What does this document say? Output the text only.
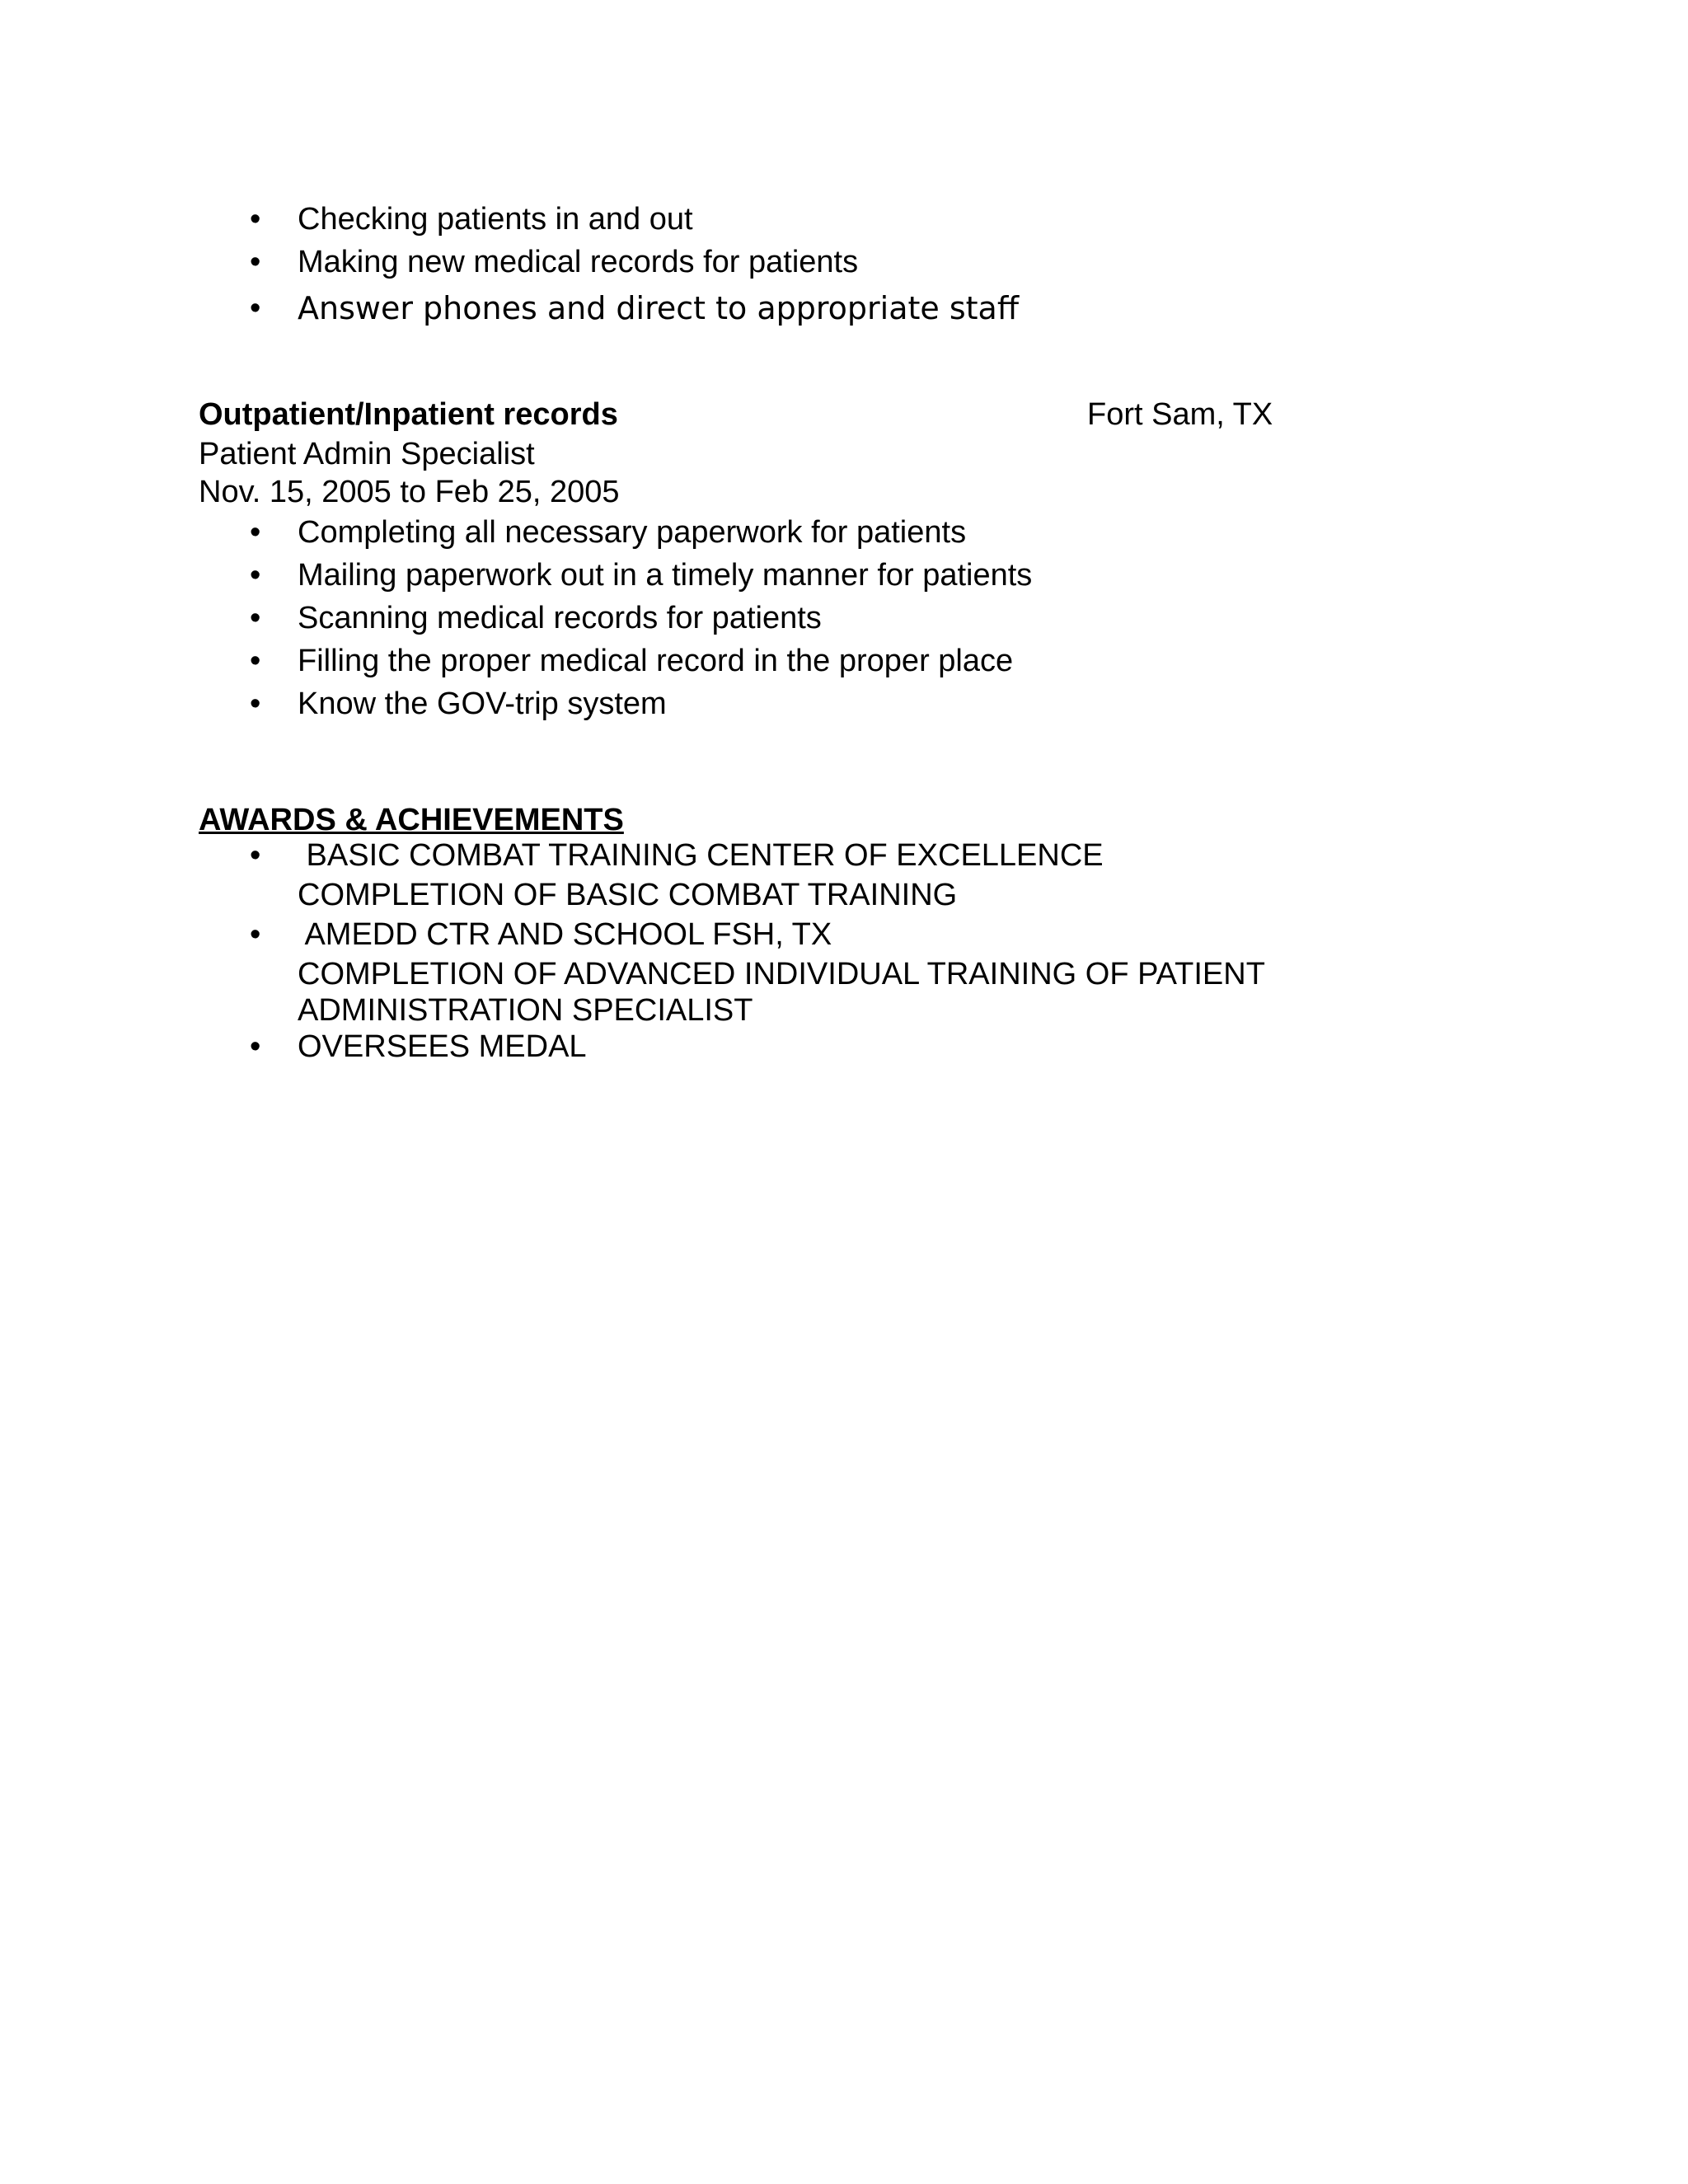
• Checking patients in and out
• Making new medical records for patients
• Answer phones and direct to appropriate staff
Outpatient/Inpatient records	Fort Sam, TX
Patient Admin Specialist
Nov. 15, 2005 to Feb 25, 2005
• Completing all necessary paperwork for patients
• Mailing paperwork out in a timely manner for patients
• Scanning medical records for patients
• Filling the proper medical record in the proper place
• Know the GOV-trip system
AWARDS & ACHIEVEMENTS
• BASIC COMBAT TRAINING CENTER OF EXCELLENCE
COMPLETION OF BASIC COMBAT TRAINING
• AMEDD CTR AND SCHOOL FSH, TX
COMPLETION OF ADVANCED INDIVIDUAL TRAINING OF PATIENT
ADMINISTRATION SPECIALIST
• OVERSEES MEDAL
